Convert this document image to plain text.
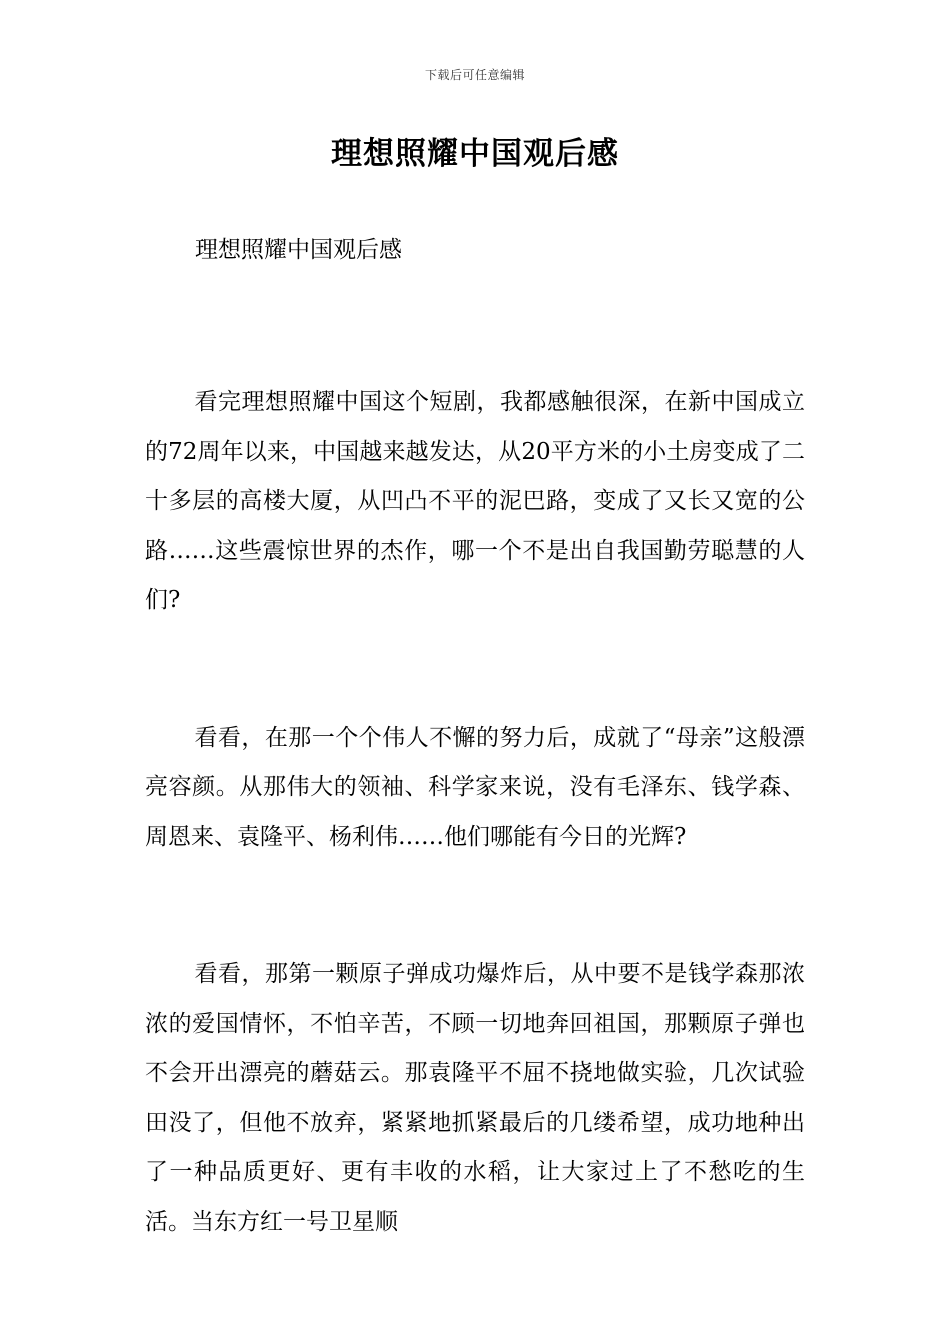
下载后可任意编辑
理想照耀中国观后感
理想照耀中国观后感

看完理想照耀中国这个短剧，我都感触很深，在新中国成立的72周年以来，中国越来越发达，从20平方米的小土房变成了二十多层的高楼大厦，从凹凸不平的泥巴路，变成了又长又宽的公路……这些震惊世界的杰作，哪一个不是出自我国勤劳聪慧的人们?

看看，在那一个个伟人不懈的努力后，成就了“母亲”这般漂亮容颜。从那伟大的领袖、科学家来说，没有毛泽东、钱学森、周恩来、袁隆平、杨利伟……他们哪能有今日的光辉?

看看，那第一颗原子弹成功爆炸后，从中要不是钱学森那浓浓的爱国情怀，不怕辛苦，不顾一切地奔回祖国，那颗原子弹也不会开出漂亮的蘑菇云。那袁隆平不屈不挠地做实验，几次试验田没了，但他不放弃，紧紧地抓紧最后的几缕希望，成功地种出了一种品质更好、更有丰收的水稻，让大家过上了不愁吃的生活。当东方红一号卫星顺
